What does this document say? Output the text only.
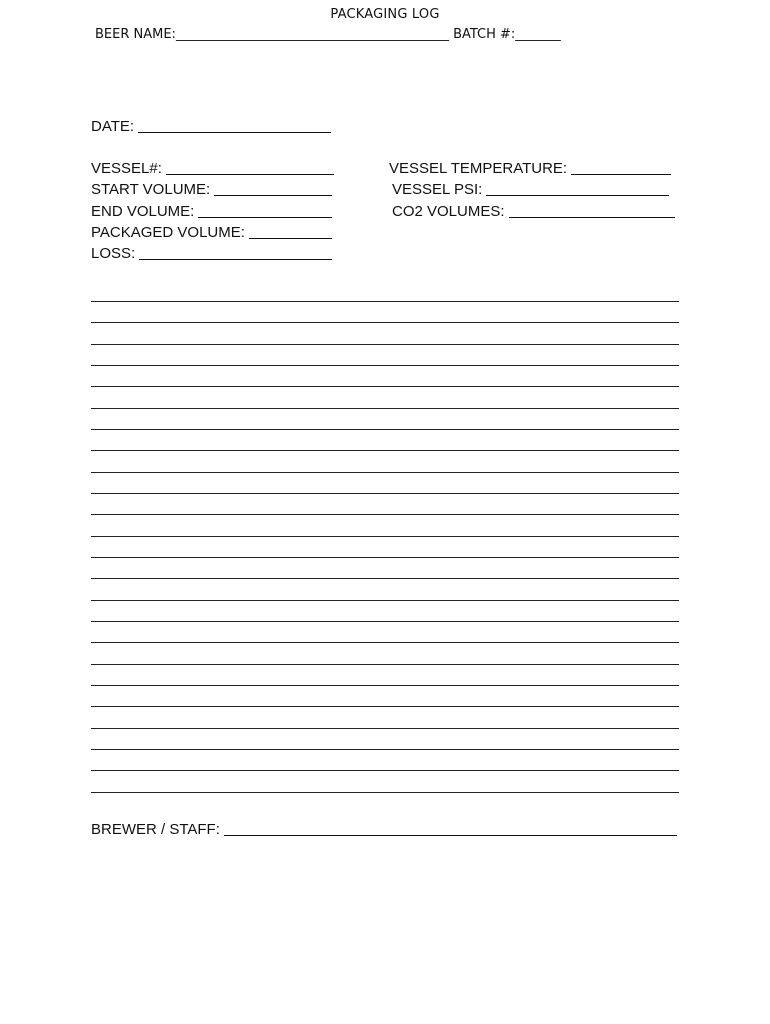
PACKAGING LOG
BEER NAME:__________________________________________ BATCH #:_______
DATE:
VESSEL#:
START VOLUME:
END VOLUME:
PACKAGED VOLUME:
LOSS:
VESSEL TEMPERATURE:
VESSEL PSI:
CO2 VOLUMES:
BREWER / STAFF:
